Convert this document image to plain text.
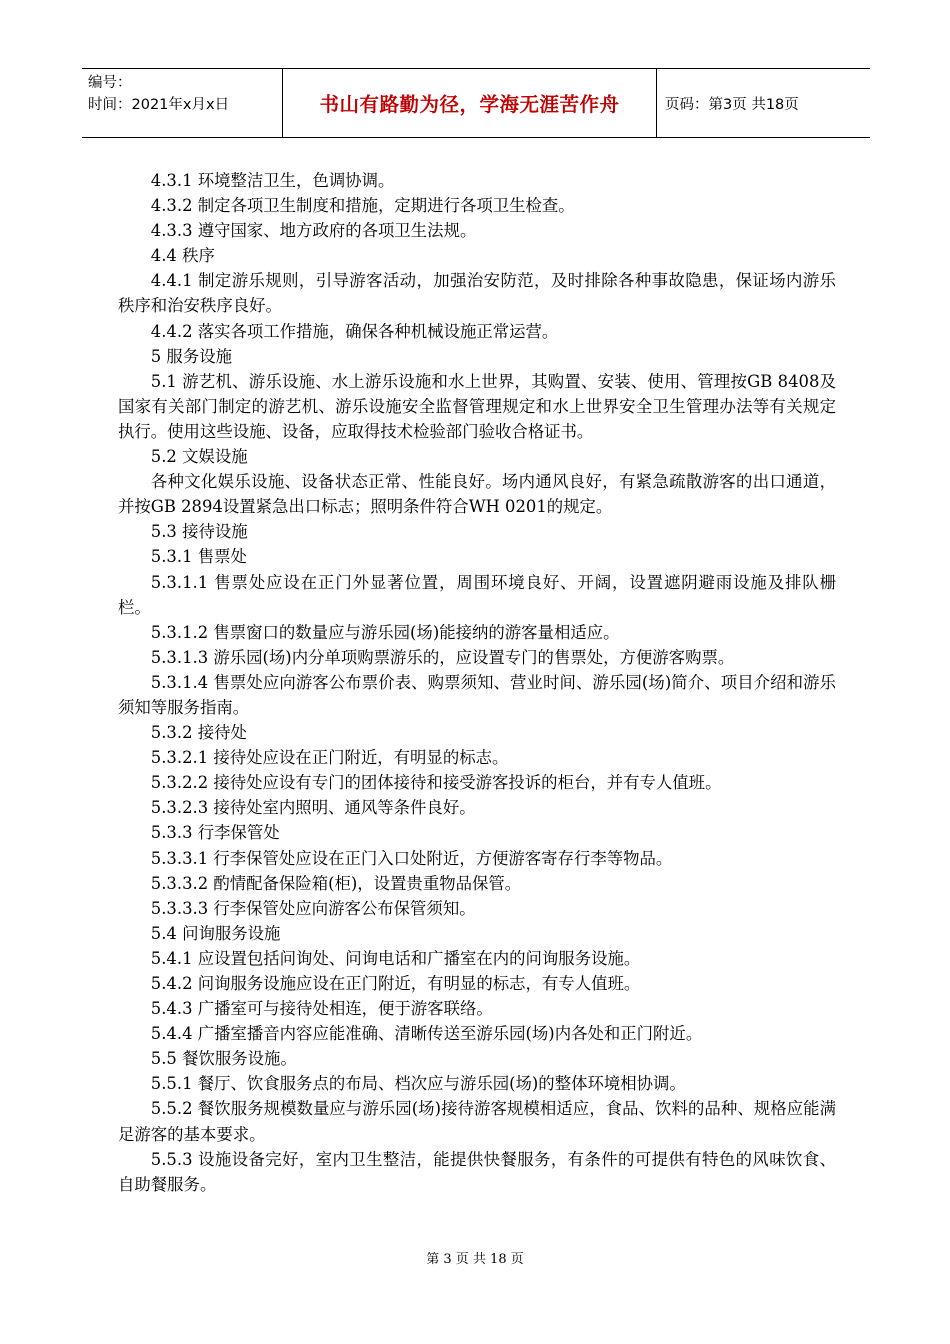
编号：
时间：2021年x月x日	书山有路勤为径，学海无涯苦作舟	页码：第3页 共18页

4.3.1 环境整洁卫生，色调协调。

4.3.2 制定各项卫生制度和措施，定期进行各项卫生检查。

4.3.3 遵守国家、地方政府的各项卫生法规。

4.4 秩序

4.4.1 制定游乐规则，引导游客活动，加强治安防范，及时排除各种事故隐患，保证场内游乐秩序和治安秩序良好。

4.4.2 落实各项工作措施，确保各种机械设施正常运营。

5 服务设施

5.1 游艺机、游乐设施、水上游乐设施和水上世界，其购置、安装、使用、管理按GB 8408及国家有关部门制定的游艺机、游乐设施安全监督管理规定和水上世界安全卫生管理办法等有关规定执行。使用这些设施、设备，应取得技术检验部门验收合格证书。

5.2 文娱设施

各种文化娱乐设施、设备状态正常、性能良好。场内通风良好，有紧急疏散游客的出口通道，并按GB 2894设置紧急出口标志；照明条件符合WH 0201的规定。

5.3 接待设施

5.3.1 售票处

5.3.1.1 售票处应设在正门外显著位置，周围环境良好、开阔，设置遮阴避雨设施及排队栅栏。

5.3.1.2 售票窗口的数量应与游乐园(场)能接纳的游客量相适应。

5.3.1.3 游乐园(场)内分单项购票游乐的，应设置专门的售票处，方便游客购票。

5.3.1.4 售票处应向游客公布票价表、购票须知、营业时间、游乐园(场)简介、项目介绍和游乐须知等服务指南。

5.3.2 接待处

5.3.2.1 接待处应设在正门附近，有明显的标志。

5.3.2.2 接待处应设有专门的团体接待和接受游客投诉的柜台，并有专人值班。

5.3.2.3 接待处室内照明、通风等条件良好。

5.3.3 行李保管处

5.3.3.1 行李保管处应设在正门入口处附近，方便游客寄存行李等物品。

5.3.3.2 酌情配备保险箱(柜)，设置贵重物品保管。

5.3.3.3 行李保管处应向游客公布保管须知。

5.4 问询服务设施

5.4.1 应设置包括问询处、问询电话和广播室在内的问询服务设施。

5.4.2 问询服务设施应设在正门附近，有明显的标志，有专人值班。

5.4.3 广播室可与接待处相连，便于游客联络。

5.4.4 广播室播音内容应能准确、清晰传送至游乐园(场)内各处和正门附近。

5.5 餐饮服务设施。

5.5.1 餐厅、饮食服务点的布局、档次应与游乐园(场)的整体环境相协调。

5.5.2 餐饮服务规模数量应与游乐园(场)接待游客规模相适应，食品、饮料的品种、规格应能满足游客的基本要求。

5.5.3 设施设备完好，室内卫生整洁，能提供快餐服务，有条件的可提供有特色的风味饮食、自助餐服务。

第 3 页 共 18 页
